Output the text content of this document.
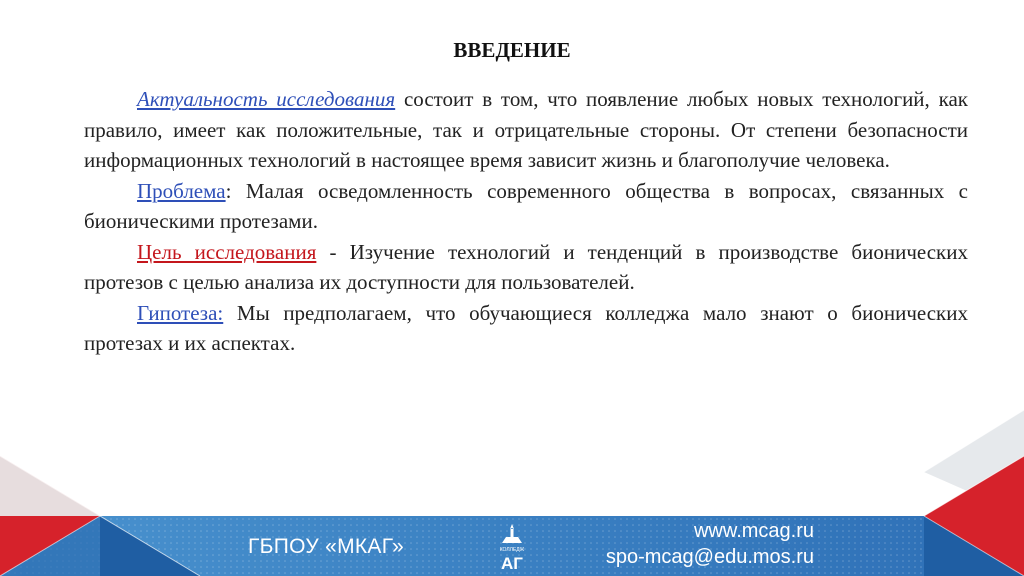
ВВЕДЕНИЕ

Актуальность исследования состоит в том, что появление любых новых технологий, как правило, имеет как положительные, так и отрицательные стороны. От степени безопасности информационных технологий в настоящее время зависит жизнь и благополучие человека.

Проблема: Малая осведомленность современного общества в вопросах, связанных с бионическими протезами.

Цель исследования - Изучение технологий и тенденций в производстве бионических протезов с целью анализа их доступности для пользователей.

Гипотеза: Мы предполагаем, что обучающиеся колледжа мало знают о бионических протезах и их аспектах.

ГБПОУ «МКАГ»	КОЛЛЕДЖ
АГ
www.mcag.ru
spo-mcag@edu.mos.ru
